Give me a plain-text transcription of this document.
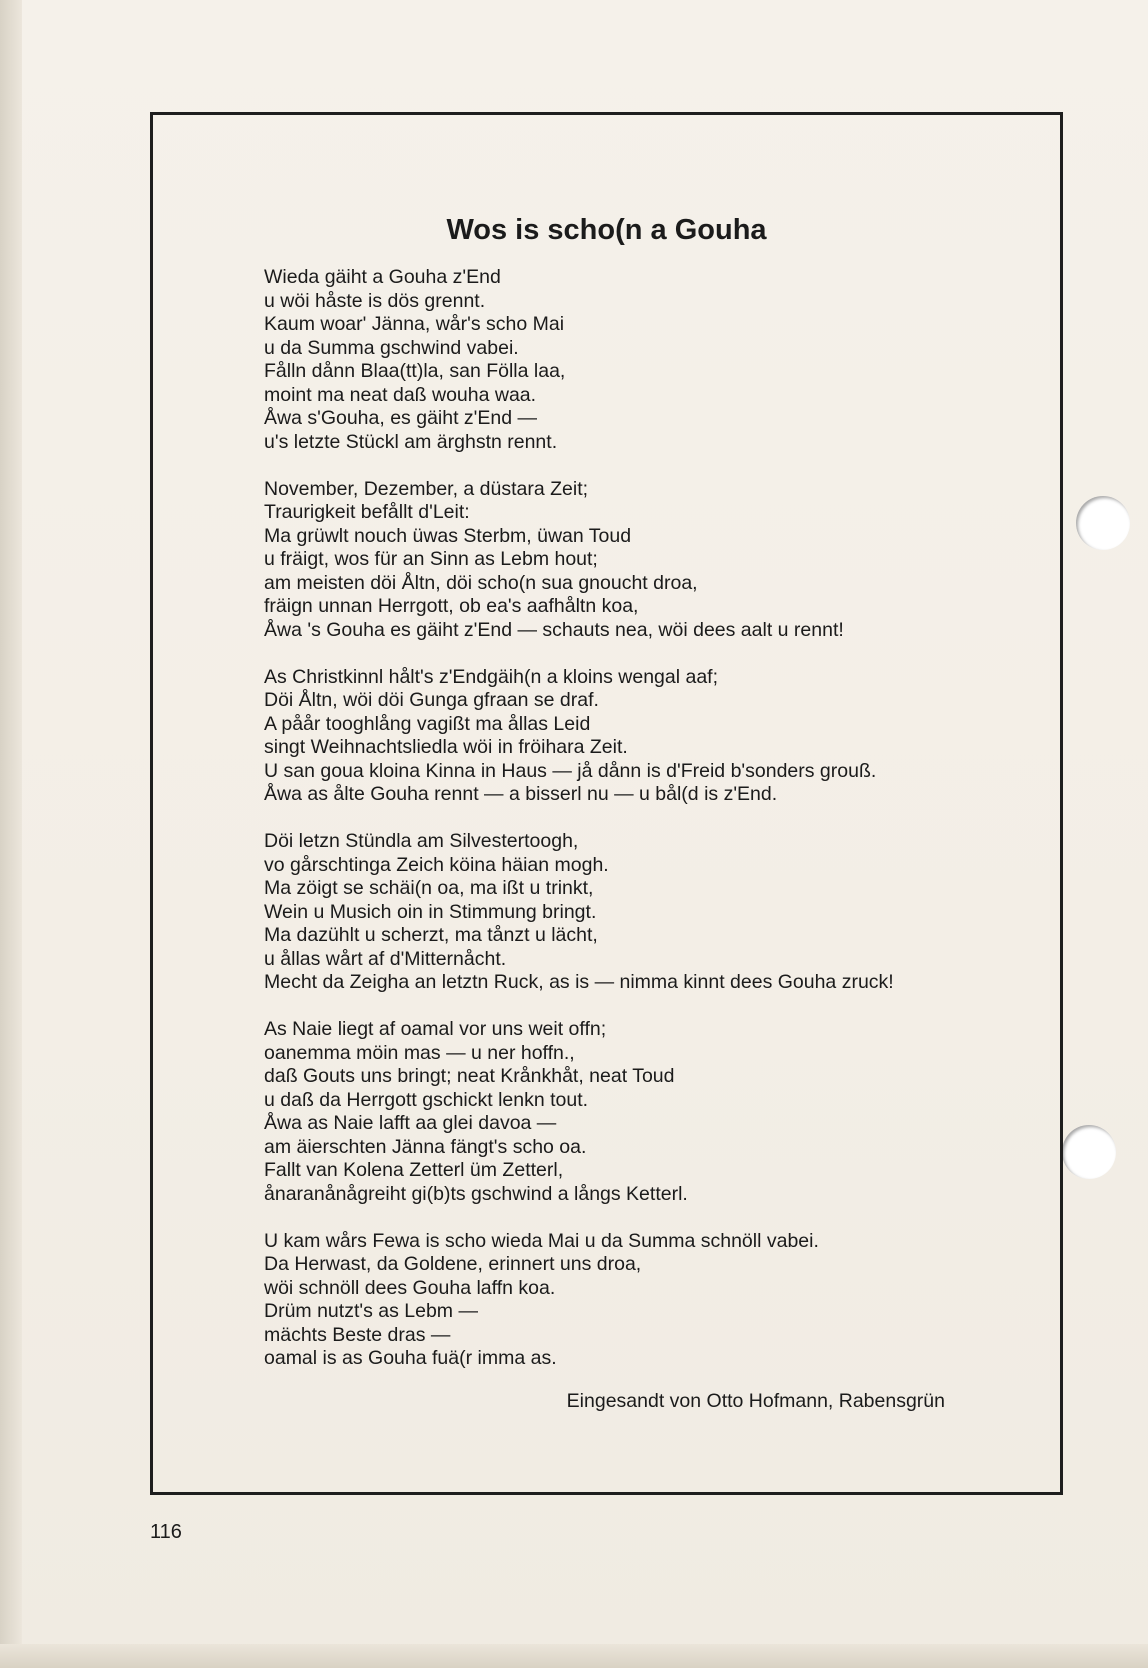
Wos is scho(n a Gouha
Wieda gäiht a Gouha z'End
u wöi håste is dös grennt.
Kaum woar' Jänna, wår's scho Mai
u da Summa gschwind vabei.
Fålln dånn Blaa(tt)la, san Fölla laa,
moint ma neat daß wouha waa.
Åwa s'Gouha, es gäiht z'End —
u's letzte Stückl am ärghstn rennt.
November, Dezember, a düstara Zeit;
Traurigkeit befållt d'Leit:
Ma grüwlt nouch üwas Sterbm, üwan Toud
u fräigt, wos für an Sinn as Lebm hout;
am meisten döi Åltn, döi scho(n sua gnoucht droa,
fräign unnan Herrgott, ob ea's aafhåltn koa,
Åwa 's Gouha es gäiht z'End — schauts nea, wöi dees aalt u rennt!
As Christkinnl hålt's z'Endgäih(n a kloins wengal aaf;
Döi Åltn, wöi döi Gunga gfraan se draf.
A påår tooghlång vagißt ma ållas Leid
singt Weihnachtsliedla wöi in fröihara Zeit.
U san goua kloina Kinna in Haus — jå dånn is d'Freid b'sonders grouß.
Åwa as ålte Gouha rennt — a bisserl nu — u bål(d is z'End.
Döi letzn Stündla am Silvestertoogh,
vo gårschtinga Zeich köina häian mogh.
Ma zöigt se schäi(n oa, ma ißt u trinkt,
Wein u Musich oin in Stimmung bringt.
Ma dazühlt u scherzt, ma tånzt u lächt,
u ållas wårt af d'Mitternåcht.
Mecht da Zeigha an letztn Ruck, as is — nimma kinnt dees Gouha zruck!
As Naie liegt af oamal vor uns weit offn;
oanemma möin mas — u ner hoffn.,
daß Gouts uns bringt; neat Krånkhåt, neat Toud
u daß da Herrgott gschickt lenkn tout.
Åwa as Naie lafft aa glei davoa —
am äierschten Jänna fängt's scho oa.
Fallt van Kolena Zetterl üm Zetterl,
ånaranånågreiht gi(b)ts gschwind a långs Ketterl.
U kam wårs Fewa is scho wieda Mai u da Summa schnöll vabei.
Da Herwast, da Goldene, erinnert uns droa,
wöi schnöll dees Gouha laffn koa.
Drüm nutzt's as Lebm —
mächts Beste dras —
oamal is as Gouha fuä(r imma as.
Eingesandt von Otto Hofmann, Rabensgrün
116
